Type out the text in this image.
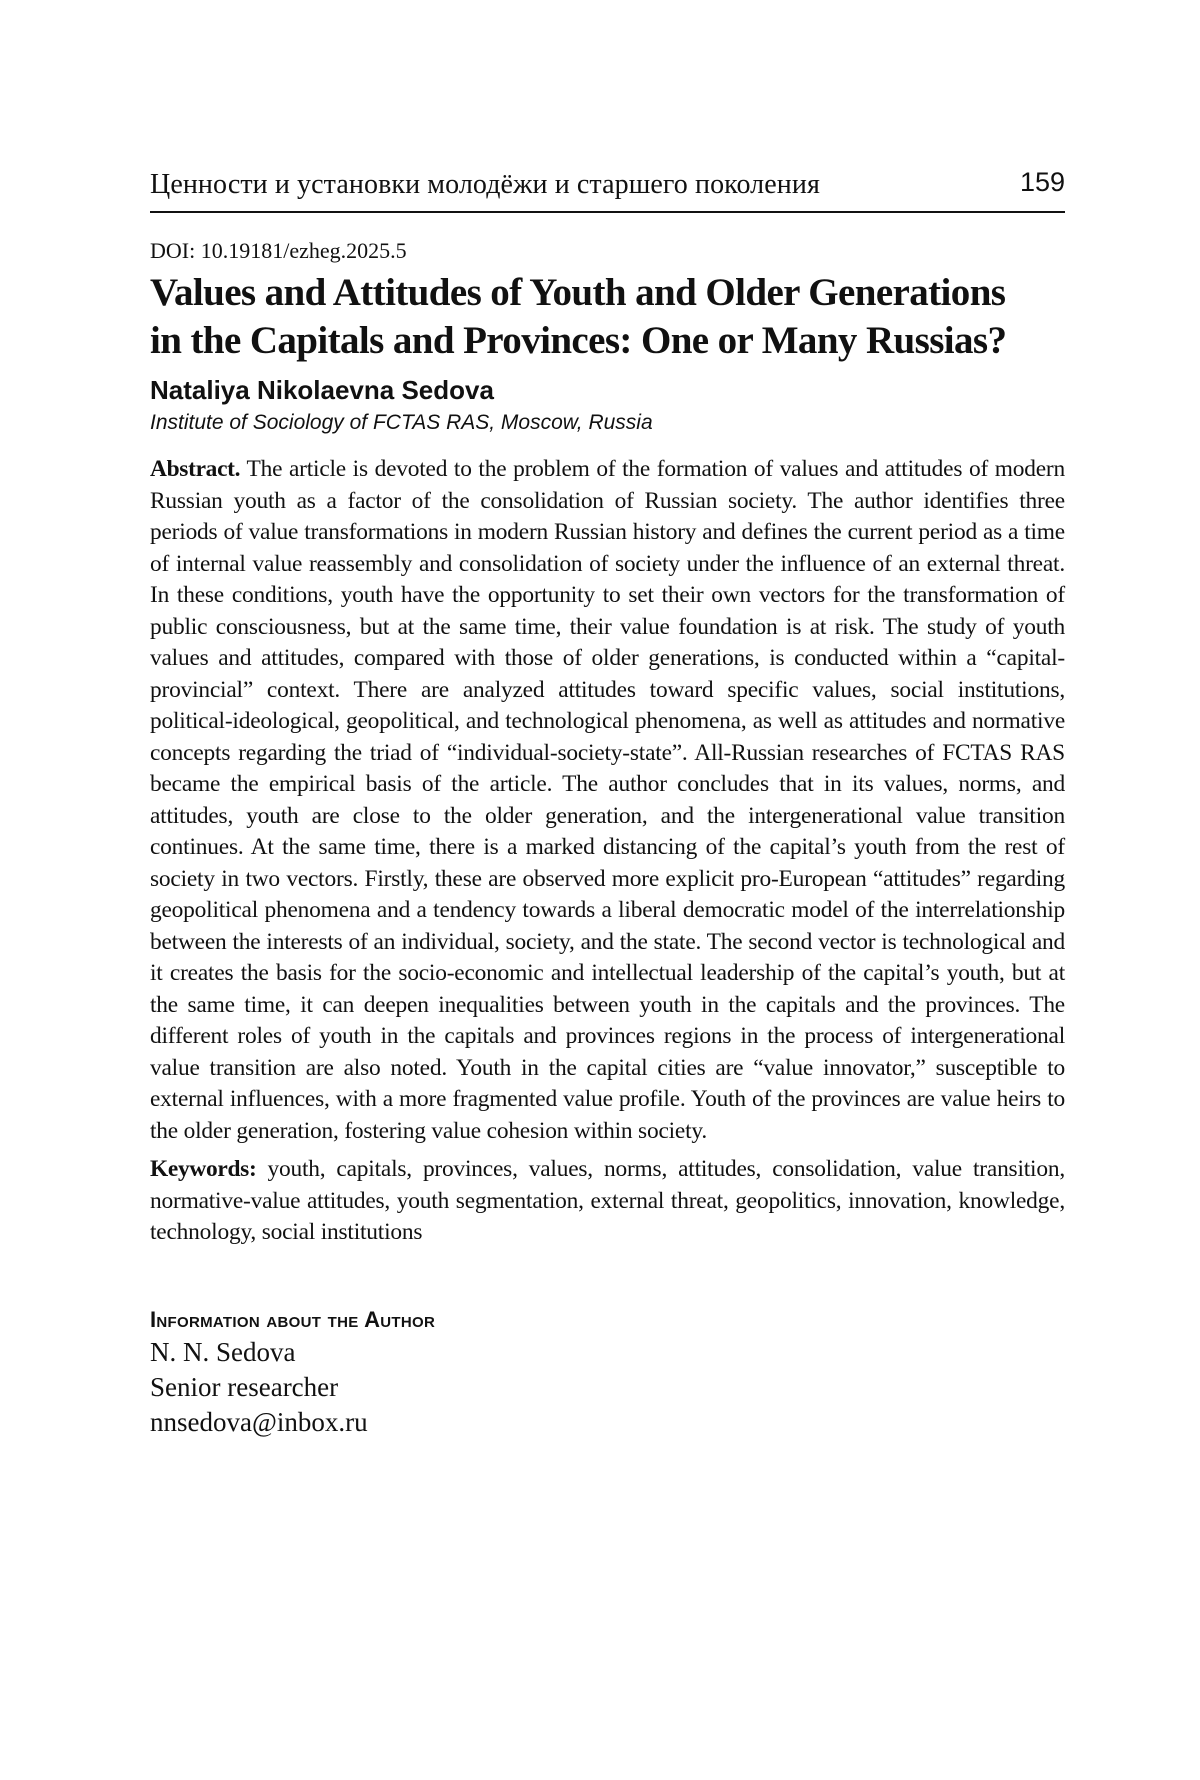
Ценности и установки молодёжи и старшего поколения	159

DOI: 10.19181/ezheg.2025.5

Values and Attitudes of Youth and Older Generations
in the Capitals and Provinces: One or Many Russias?

Nataliya Nikolaevna Sedova

Institute of Sociology of FCTAS RAS, Moscow, Russia

Abstract. The article is devoted to the problem of the formation of values and attitudes of modern Russian youth as a factor of the consolidation of Russian society. The author identifies three periods of value transformations in modern Russian history and defines the current period as a time of internal value reassembly and consolidation of society under the influence of an external threat. In these conditions, youth have the opportunity to set their own vectors for the transformation of public consciousness, but at the same time, their value foundation is at risk. The study of youth values and attitudes, compared with those of older generations, is conducted within a “capital-provincial” context. There are analyzed attitudes toward specific values, social institutions, political-ideological, geopolitical, and technological phenomena, as well as attitudes and normative concepts regarding the triad of “individual-society-state”. All-Russian researches of FCTAS RAS became the empirical basis of the article. The author concludes that in its values, norms, and attitudes, youth are close to the older generation, and the intergenerational value transition continues. At the same time, there is a marked distancing of the capital’s youth from the rest of society in two vectors. Firstly, these are observed more explicit pro-European “attitudes” regarding geopolitical phenomena and a tendency towards a liberal democratic model of the interrelationship between the interests of an individual, society, and the state. The second vector is technological and it creates the basis for the socio-economic and intellectual leadership of the capital’s youth, but at the same time, it can deepen inequalities between youth in the capitals and the provinces. The different roles of youth in the capitals and provinces regions in the process of intergenerational value transition are also noted. Youth in the capital cities are “value innovator,” susceptible to external influences, with a more fragmented value profile. Youth of the provinces are value heirs to the older generation, fostering value cohesion within society.

Keywords: youth, capitals, provinces, values, norms, attitudes, consolidation, value transition, normative-value attitudes, youth segmentation, external threat, geopolitics, innovation, knowledge, technology, social institutions

Information about the Author
N. N. Sedova
Senior researcher
nnsedova@inbox.ru
